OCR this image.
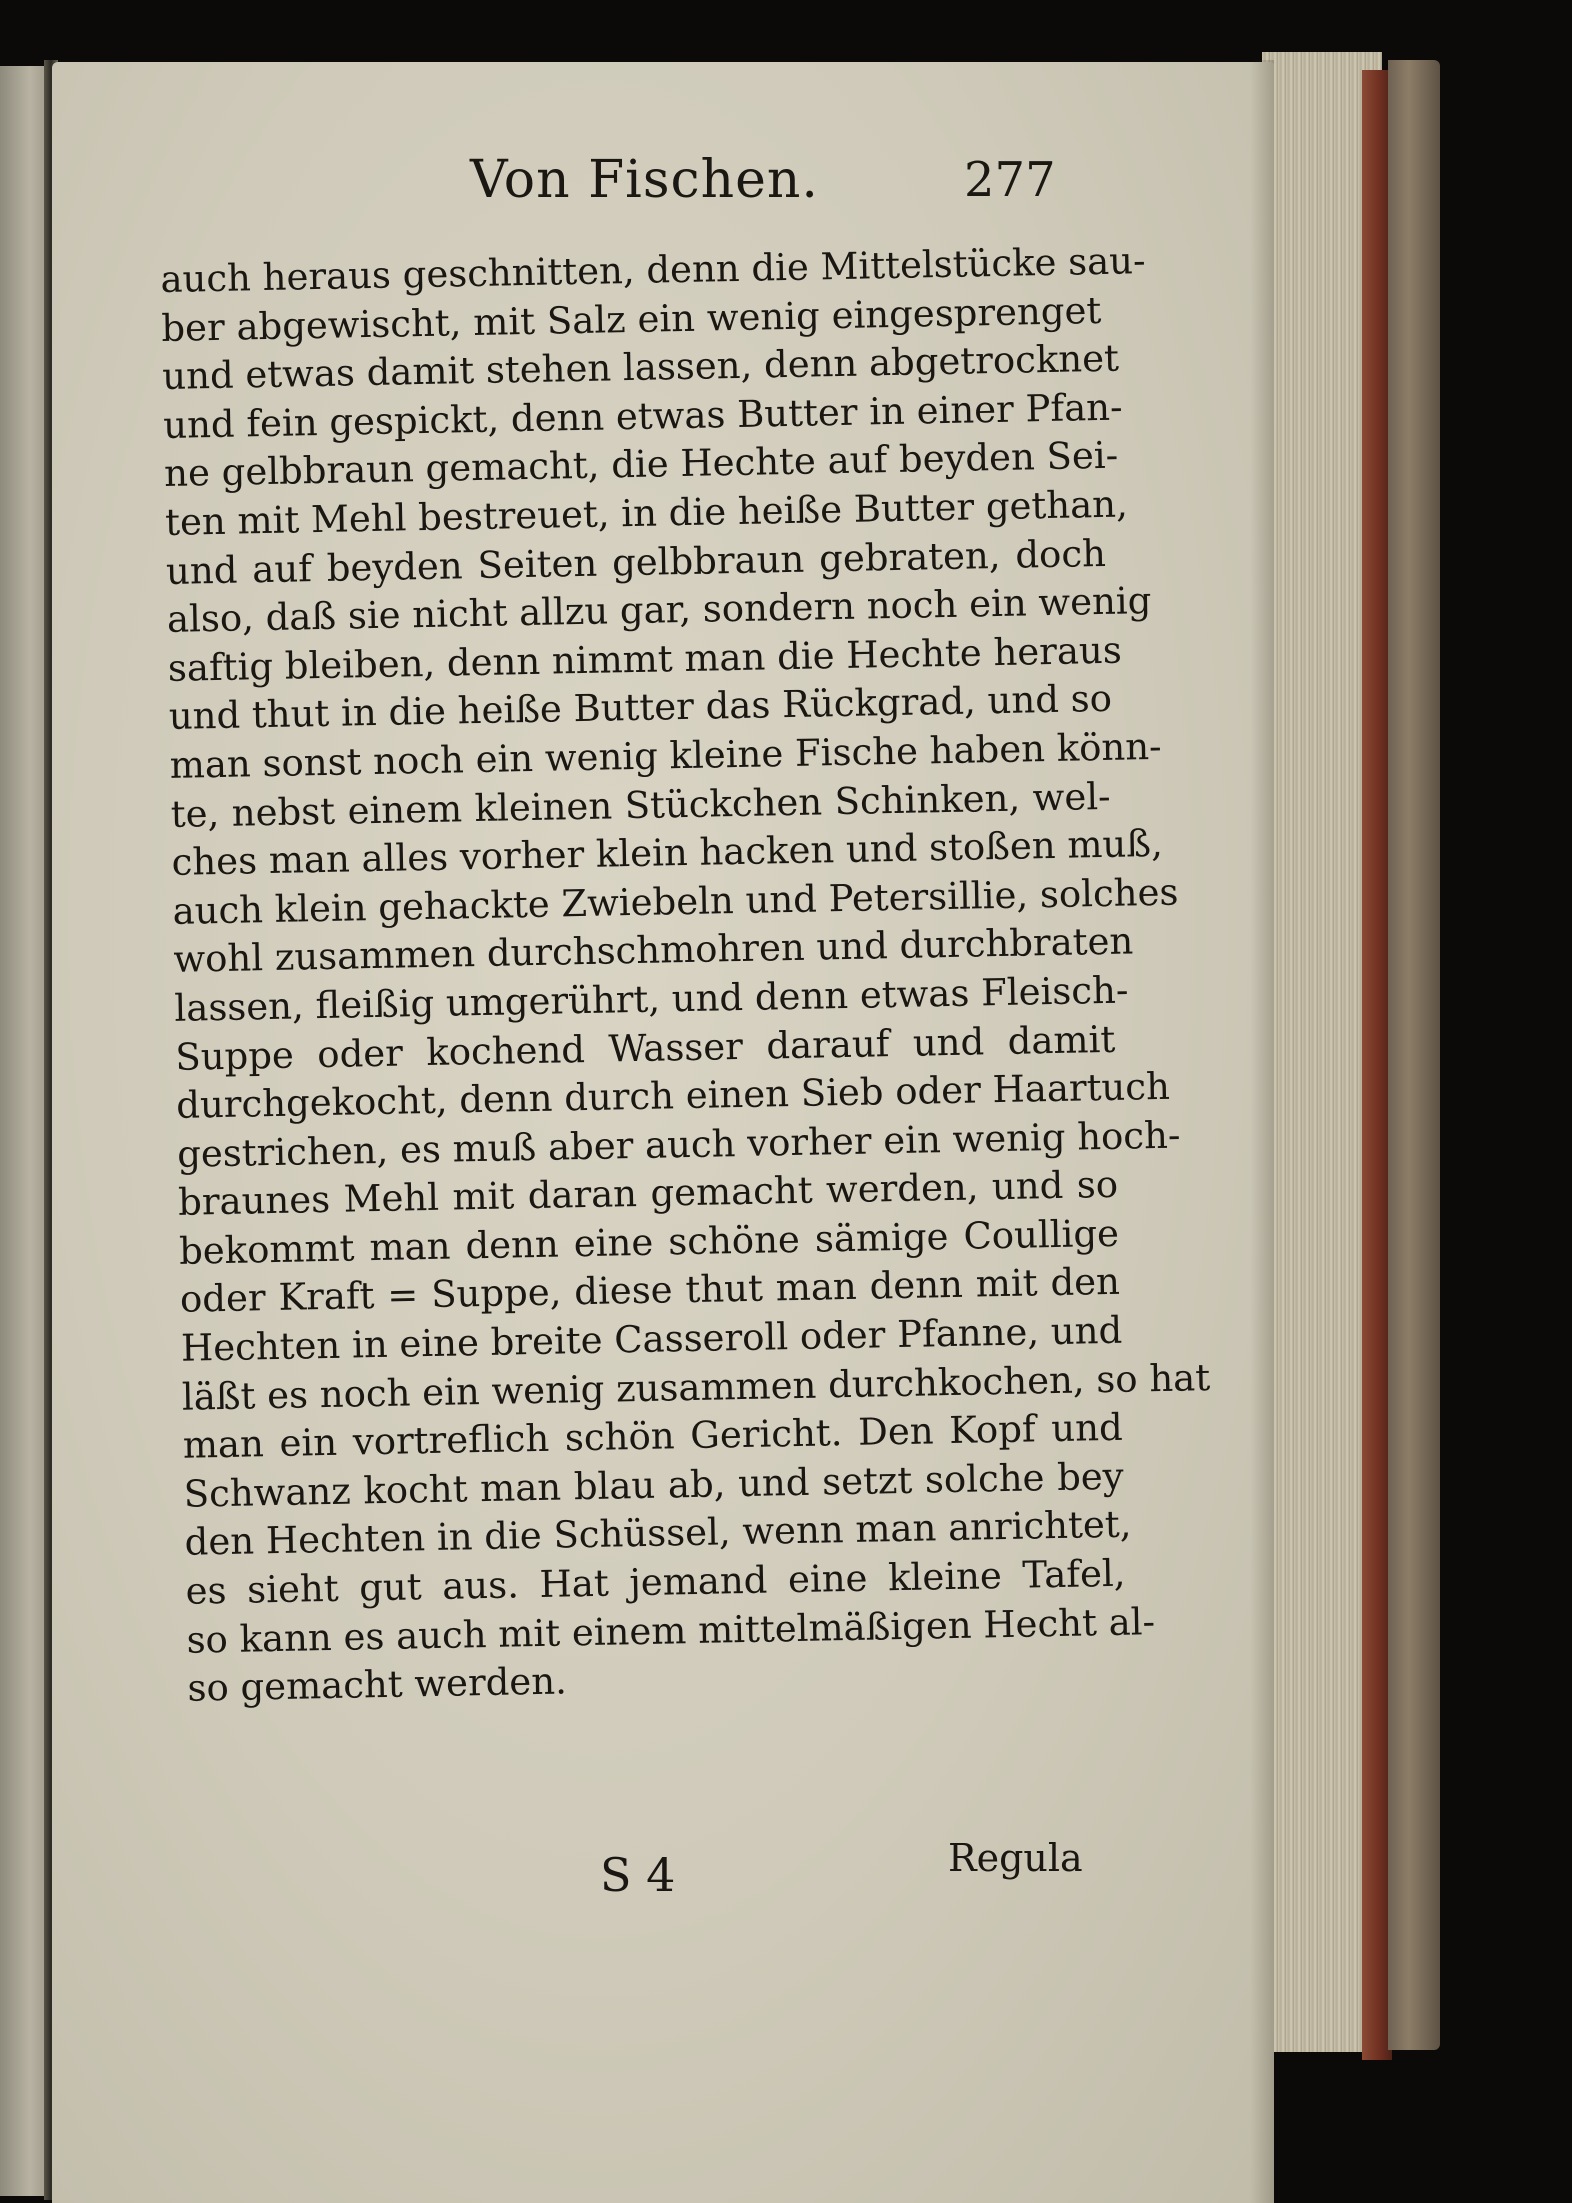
Von Fischen.	277
auch heraus geschnitten, denn die Mittelstücke sau-
ber abgewischt, mit Salz ein wenig eingesprenget
und etwas damit stehen lassen, denn abgetrocknet
und fein gespickt, denn etwas Butter in einer Pfan-
ne gelbbraun gemacht, die Hechte auf beyden Sei-
ten mit Mehl bestreuet, in die heiße Butter gethan,
und auf beyden Seiten gelbbraun gebraten, doch
also, daß sie nicht allzu gar, sondern noch ein wenig
saftig bleiben, denn nimmt man die Hechte heraus
und thut in die heiße Butter das Rückgrad, und so
man sonst noch ein wenig kleine Fische haben könn-
te, nebst einem kleinen Stückchen Schinken, wel-
ches man alles vorher klein hacken und stoßen muß,
auch klein gehackte Zwiebeln und Petersillie, solches
wohl zusammen durchschmohren und durchbraten
lassen, fleißig umgerührt, und denn etwas Fleisch-
Suppe oder kochend Wasser darauf und damit
durchgekocht, denn durch einen Sieb oder Haartuch
gestrichen, es muß aber auch vorher ein wenig hoch-
braunes Mehl mit daran gemacht werden, und so
bekommt man denn eine schöne sämige Coullige
oder Kraft = Suppe, diese thut man denn mit den
Hechten in eine breite Casseroll oder Pfanne, und
läßt es noch ein wenig zusammen durchkochen, so hat
man ein vortreflich schön Gericht. Den Kopf und
Schwanz kocht man blau ab, und setzt solche bey
den Hechten in die Schüssel, wenn man anrichtet,
es sieht gut aus. Hat jemand eine kleine Tafel,
so kann es auch mit einem mittelmäßigen Hecht al-
so gemacht werden.
S 4	Regula
